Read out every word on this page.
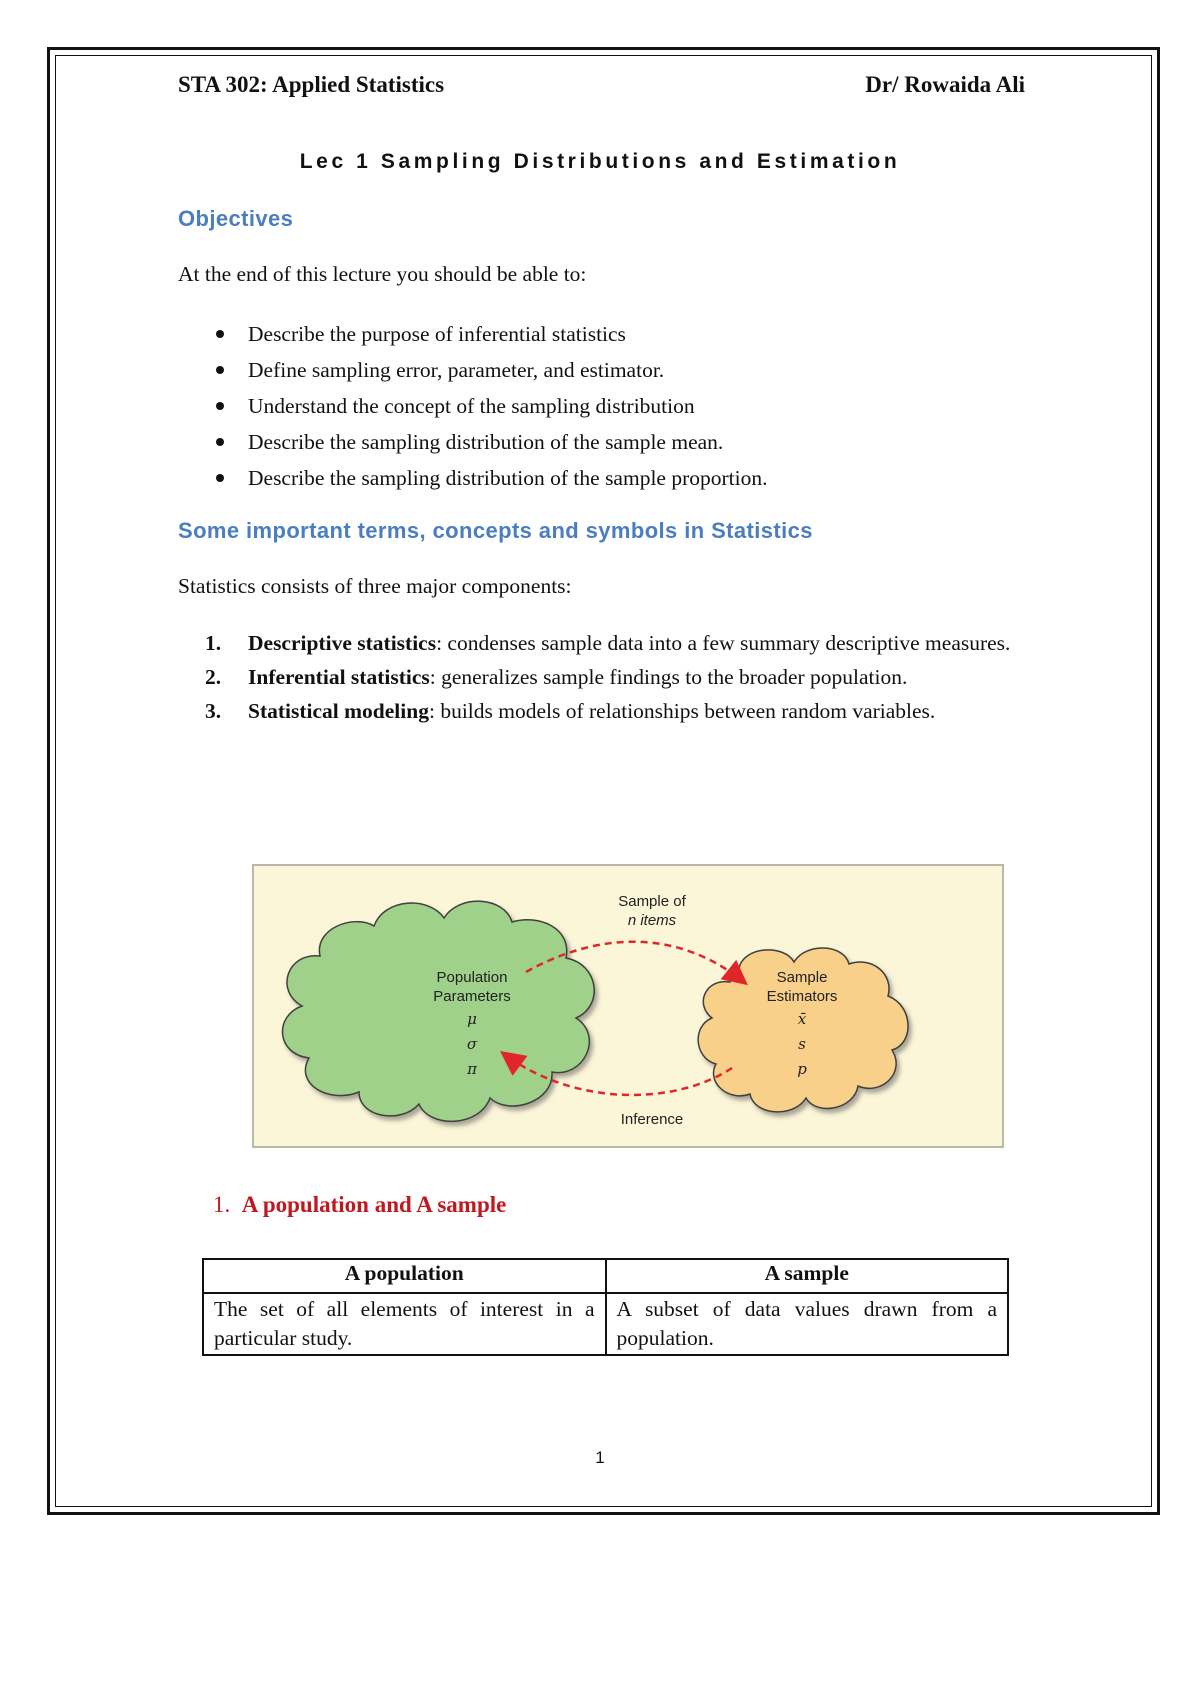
STA 302: Applied Statistics	Dr/ Rowaida Ali
Lec 1 Sampling Distributions and Estimation
Objectives
At the end of this lecture you should be able to:
Describe the purpose of inferential statistics
Define sampling error, parameter, and estimator.
Understand the concept of the sampling distribution
Describe the sampling distribution of the sample mean.
Describe the sampling distribution of the sample proportion.
Some important terms, concepts and symbols in Statistics
Statistics consists of three major components:
1. Descriptive statistics: condenses sample data into a few summary descriptive measures.
2. Inferential statistics: generalizes sample findings to the broader population.
3. Statistical modeling: builds models of relationships between random variables.
Sample of
n items
Inference
Population
Parameters
μ
σ
π
Sample
Estimators
x̄
s
p
1. A population and A sample
A population	A sample
The set of all elements of interest in a particular study.	A subset of data values drawn from a population.
1
